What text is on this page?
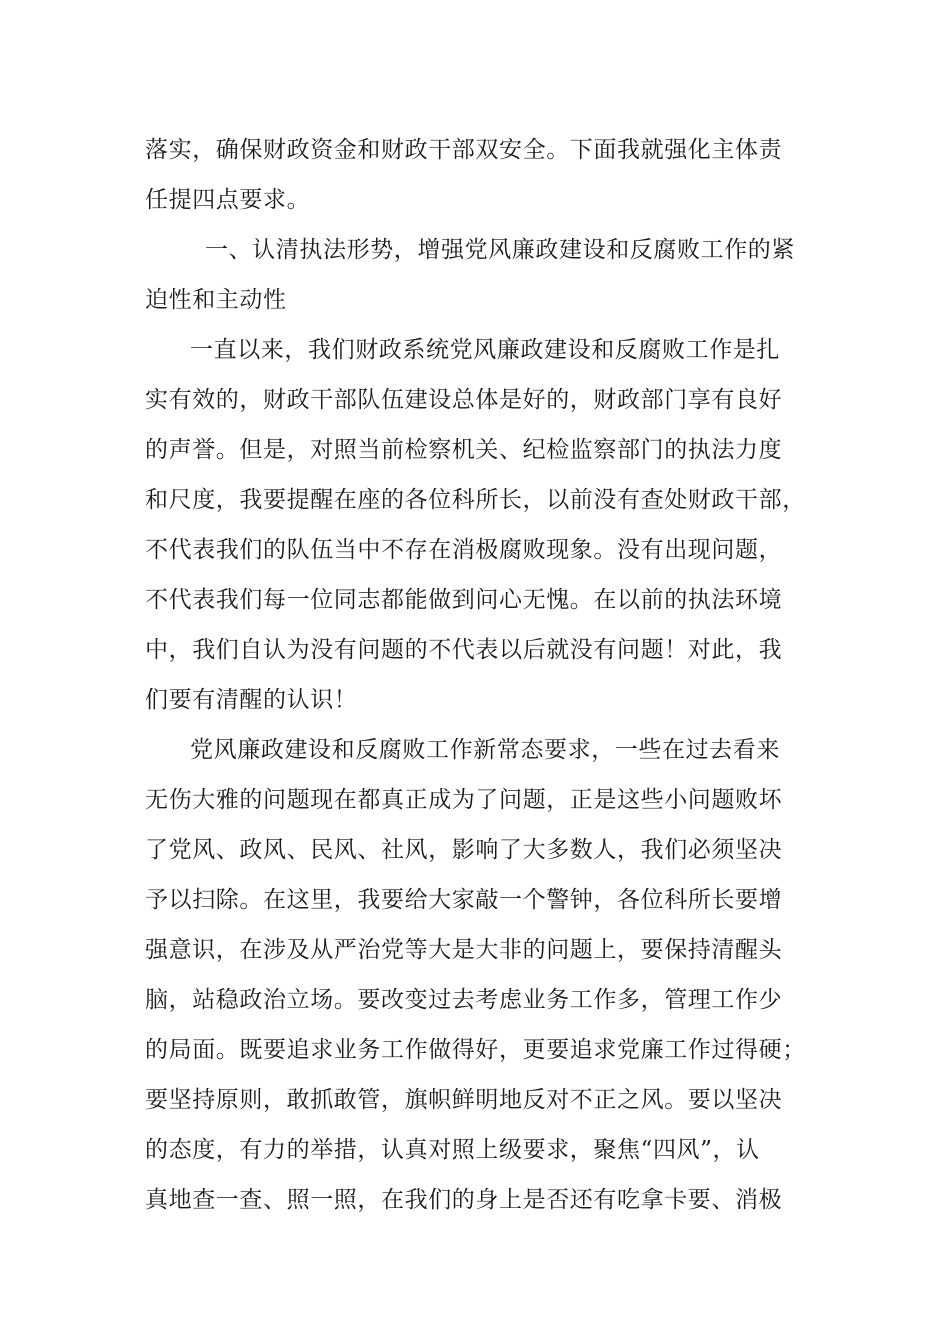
落实，确保财政资金和财政干部双安全。下面我就强化主体责
任提四点要求。
一、认清执法形势，增强党风廉政建设和反腐败工作的紧
迫性和主动性
一直以来，我们财政系统党风廉政建设和反腐败工作是扎
实有效的，财政干部队伍建设总体是好的，财政部门享有良好
的声誉。但是，对照当前检察机关、纪检监察部门的执法力度
和尺度，我要提醒在座的各位科所长，以前没有查处财政干部，
不代表我们的队伍当中不存在消极腐败现象。没有出现问题，
不代表我们每一位同志都能做到问心无愧。在以前的执法环境
中，我们自认为没有问题的不代表以后就没有问题！对此，我
们要有清醒的认识！
党风廉政建设和反腐败工作新常态要求，一些在过去看来
无伤大雅的问题现在都真正成为了问题，正是这些小问题败坏
了党风、政风、民风、社风，影响了大多数人，我们必须坚决
予以扫除。在这里，我要给大家敲一个警钟，各位科所长要增
强意识，在涉及从严治党等大是大非的问题上，要保持清醒头
脑，站稳政治立场。要改变过去考虑业务工作多，管理工作少
的局面。既要追求业务工作做得好，更要追求党廉工作过得硬；
要坚持原则，敢抓敢管，旗帜鲜明地反对不正之风。要以坚决
的态度，有力的举措，认真对照上级要求，聚焦“四风”，认
真地查一查、照一照，在我们的身上是否还有吃拿卡要、消极
